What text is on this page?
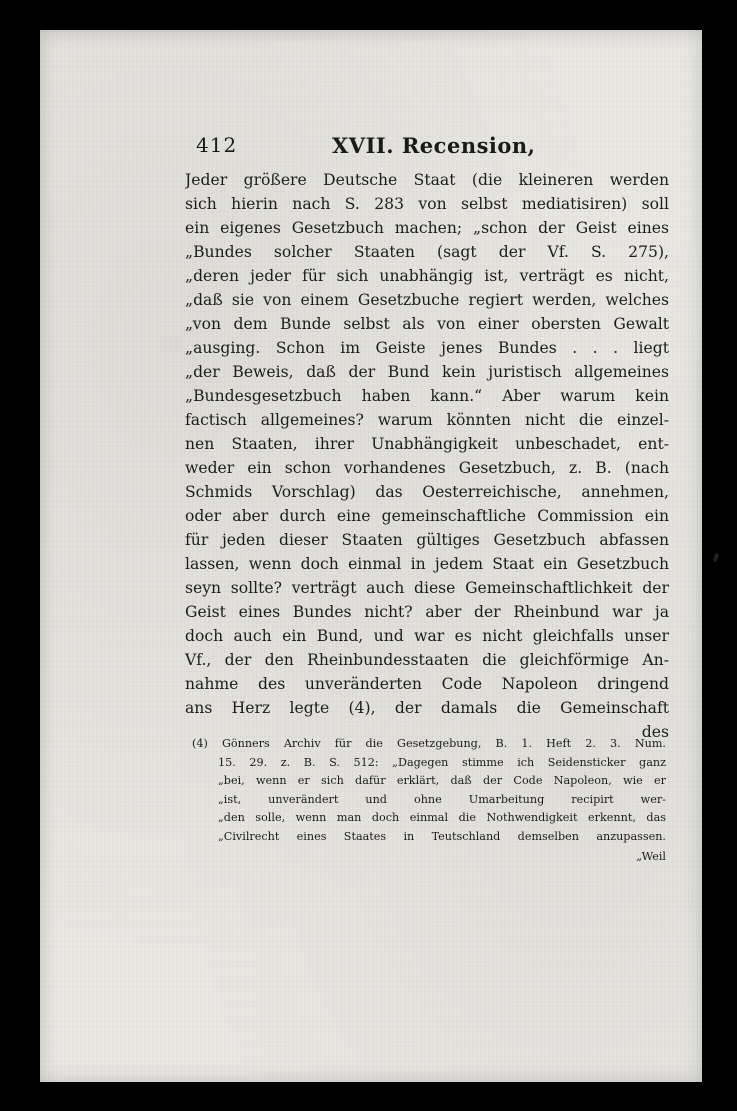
412	XVII. Recension,
Jeder größere Deutsche Staat (die kleineren werden
sich hierin nach S. 283 von selbst mediatisiren) soll
ein eigenes Gesetzbuch machen; „schon der Geist eines
„Bundes solcher Staaten (sagt der Vf. S. 275),
„deren jeder für sich unabhängig ist, verträgt es nicht,
„daß sie von einem Gesetzbuche regiert werden, welches
„von dem Bunde selbst als von einer obersten Gewalt
„ausging. Schon im Geiste jenes Bundes . . . liegt
„der Beweis, daß der Bund kein juristisch allgemeines
„Bundesgesetzbuch haben kann.“ Aber warum kein
factisch allgemeines? warum könnten nicht die einzel-
nen Staaten, ihrer Unabhängigkeit unbeschadet, ent-
weder ein schon vorhandenes Gesetzbuch, z. B. (nach
Schmids Vorschlag) das Oesterreichische, annehmen,
oder aber durch eine gemeinschaftliche Commission ein
für jeden dieser Staaten gültiges Gesetzbuch abfassen
lassen, wenn doch einmal in jedem Staat ein Gesetzbuch
seyn sollte? verträgt auch diese Gemeinschaftlichkeit der
Geist eines Bundes nicht? aber der Rheinbund war ja
doch auch ein Bund, und war es nicht gleichfalls unser
Vf., der den Rheinbundesstaaten die gleichförmige An-
nahme des unveränderten Code Napoleon dringend
ans Herz legte (4), der damals die Gemeinschaft
des
(4) Gönners Archiv für die Gesetzgebung, B. 1. Heft 2. 3. Num.
15. 29. z. B. S. 512: „Dagegen stimme ich Seidensticker ganz
„bei, wenn er sich dafür erklärt, daß der Code Napoleon, wie er
„ist, unverändert und ohne Umarbeitung recipirt wer-
„den solle, wenn man doch einmal die Nothwendigkeit erkennt, das
„Civilrecht eines Staates in Teutschland demselben anzupassen.
„Weil
